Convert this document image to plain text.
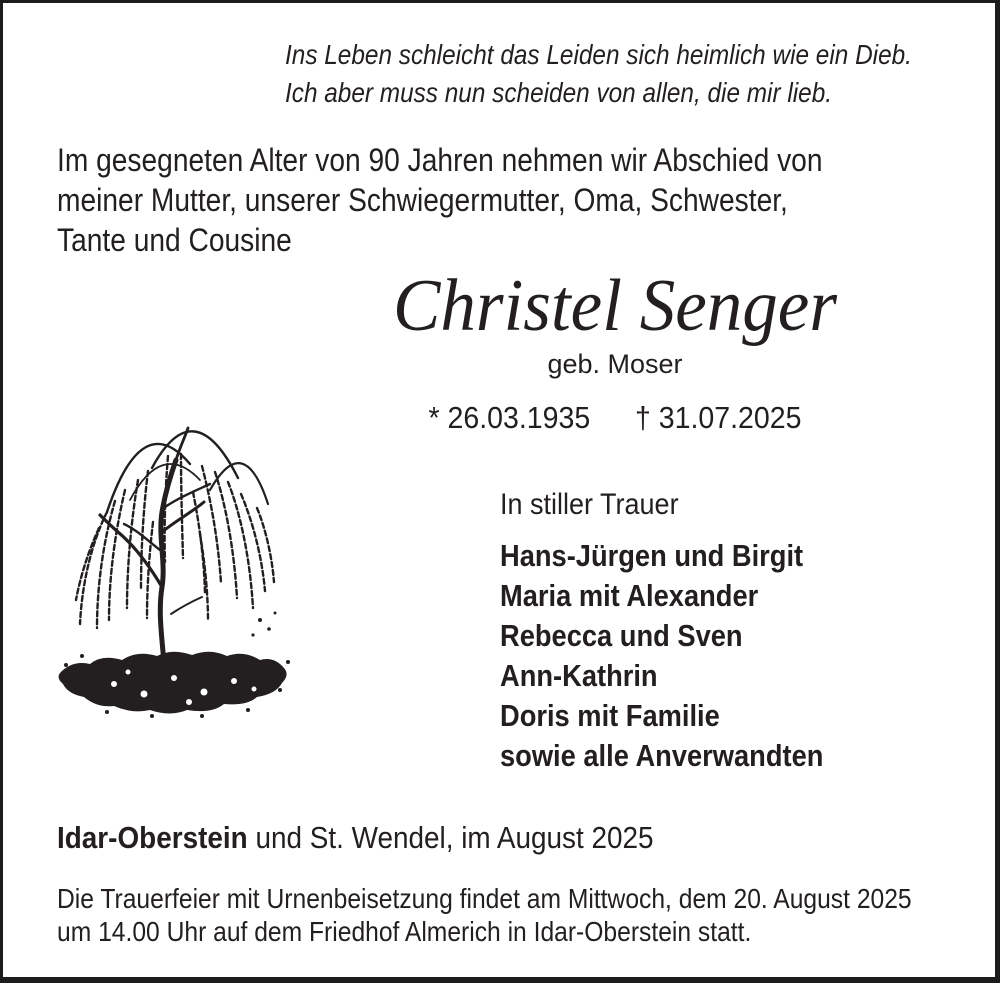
Ins Leben schleicht das Leiden sich heimlich wie ein Dieb.
Ich aber muss nun scheiden von allen, die mir lieb.
Im gesegneten Alter von 90 Jahren nehmen wir Abschied von
meiner Mutter, unserer Schwiegermutter, Oma, Schwester,
Tante und Cousine
Christel Senger
geb. Moser
* 26.03.1935 † 31.07.2025
In stiller Trauer
Hans-Jürgen und Birgit
Maria mit Alexander
Rebecca und Sven
Ann-Kathrin
Doris mit Familie
sowie alle Anverwandten
Idar-Oberstein und St. Wendel, im August 2025
Die Trauerfeier mit Urnenbeisetzung findet am Mittwoch, dem 20. August 2025
um 14.00 Uhr auf dem Friedhof Almerich in Idar-Oberstein statt.
